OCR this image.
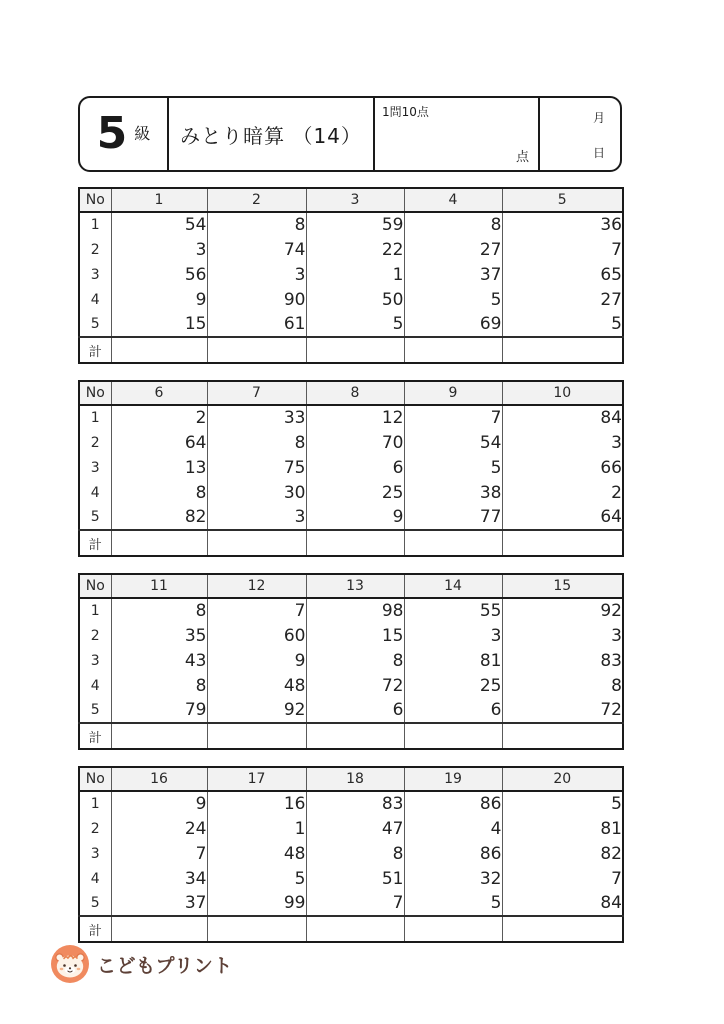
5 級	みとり暗算 （14）
1問10点
点
月
日
No	1	2	3	4	5
1	54	8	59	8	36
2	3	74	22	27	7
3	56	3	1	37	65
4	9	90	50	5	27
5	15	61	5	69	5
計					
No	6	7	8	9	10
1	2	33	12	7	84
2	64	8	70	54	3
3	13	75	6	5	66
4	8	30	25	38	2
5	82	3	9	77	64
計					
No	11	12	13	14	15
1	8	7	98	55	92
2	35	60	15	3	3
3	43	9	8	81	83
4	8	48	72	25	8
5	79	92	6	6	72
計					
No	16	17	18	19	20
1	9	16	83	86	5
2	24	1	47	4	81
3	7	48	8	86	82
4	34	5	51	32	7
5	37	99	7	5	84
計					
こどもプリント
